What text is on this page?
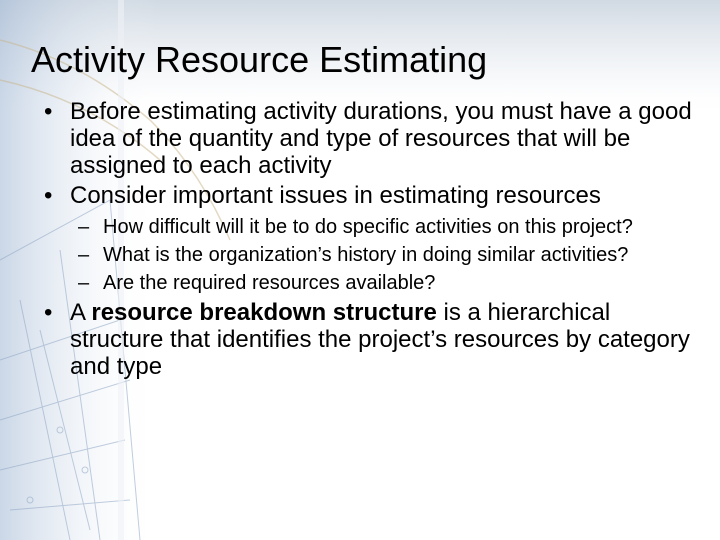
Activity Resource Estimating
• Before estimating activity durations, you must have a good idea of the quantity and type of resources that will be assigned to each activity
• Consider important issues in estimating resources
– How difficult will it be to do specific activities on this project?
– What is the organization’s history in doing similar activities?
– Are the required resources available?
• A resource breakdown structure is a hierarchical structure that identifies the project’s resources by category and type
